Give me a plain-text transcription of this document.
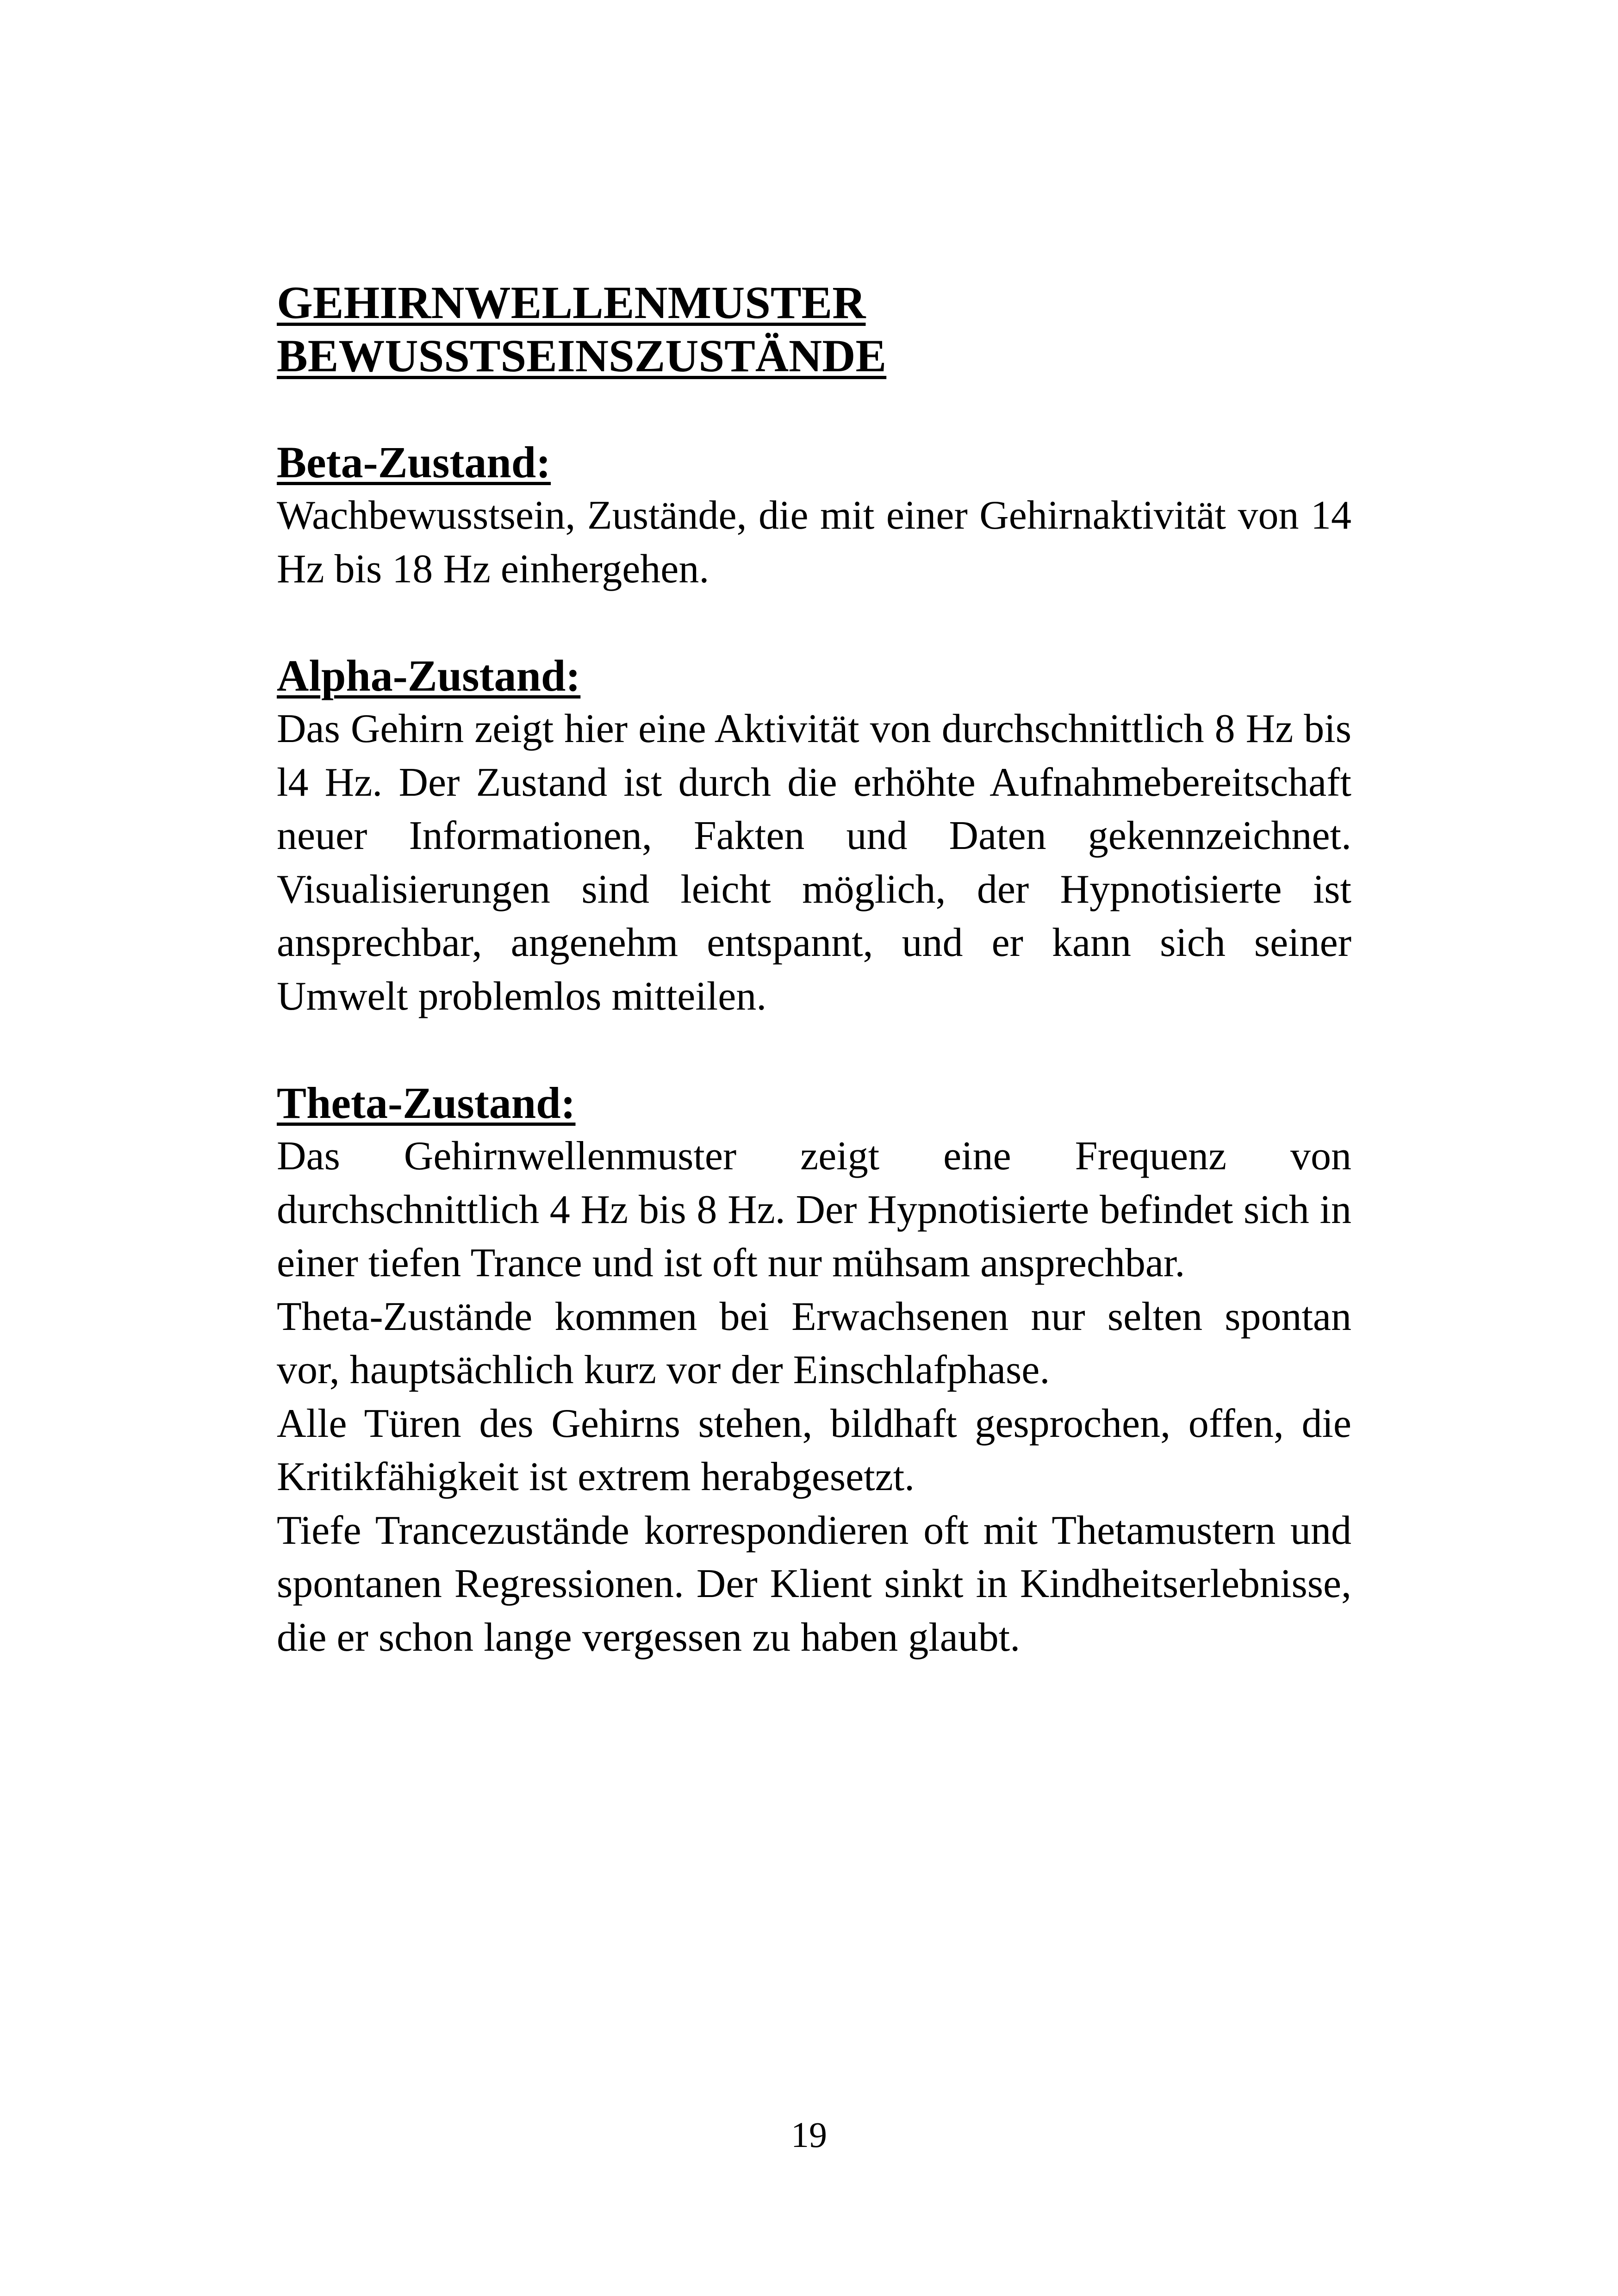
GEHIRNWELLENMUSTER
BEWUSSTSEINSZUSTÄNDE
Beta-Zustand:

Wachbewusstsein, Zustände, die mit einer Gehirnaktivität von 14 Hz bis 18 Hz einhergehen.

Alpha-Zustand:

Das Gehirn zeigt hier eine Aktivität von durchschnittlich 8 Hz bis l4 Hz. Der Zustand ist durch die erhöhte Aufnahmebereitschaft neuer Informationen, Fakten und Daten gekennzeichnet. Visualisierungen sind leicht möglich, der Hypnotisierte ist ansprechbar, angenehm entspannt, und er kann sich seiner Umwelt problemlos mitteilen.

Theta-Zustand:

Das Gehirnwellenmuster zeigt eine Frequenz von durchschnittlich 4 Hz bis 8 Hz. Der Hypnotisierte befindet sich in einer tiefen Trance und ist oft nur mühsam ansprechbar.

Theta-Zustände kommen bei Erwachsenen nur selten spontan vor, hauptsächlich kurz vor der Einschlafphase.

Alle Türen des Gehirns stehen, bildhaft gesprochen, offen, die Kritikfähigkeit ist extrem herabgesetzt.

Tiefe Trancezustände korrespondieren oft mit Thetamustern und spontanen Regressionen. Der Klient sinkt in Kindheitserlebnisse, die er schon lange vergessen zu haben glaubt.

19
